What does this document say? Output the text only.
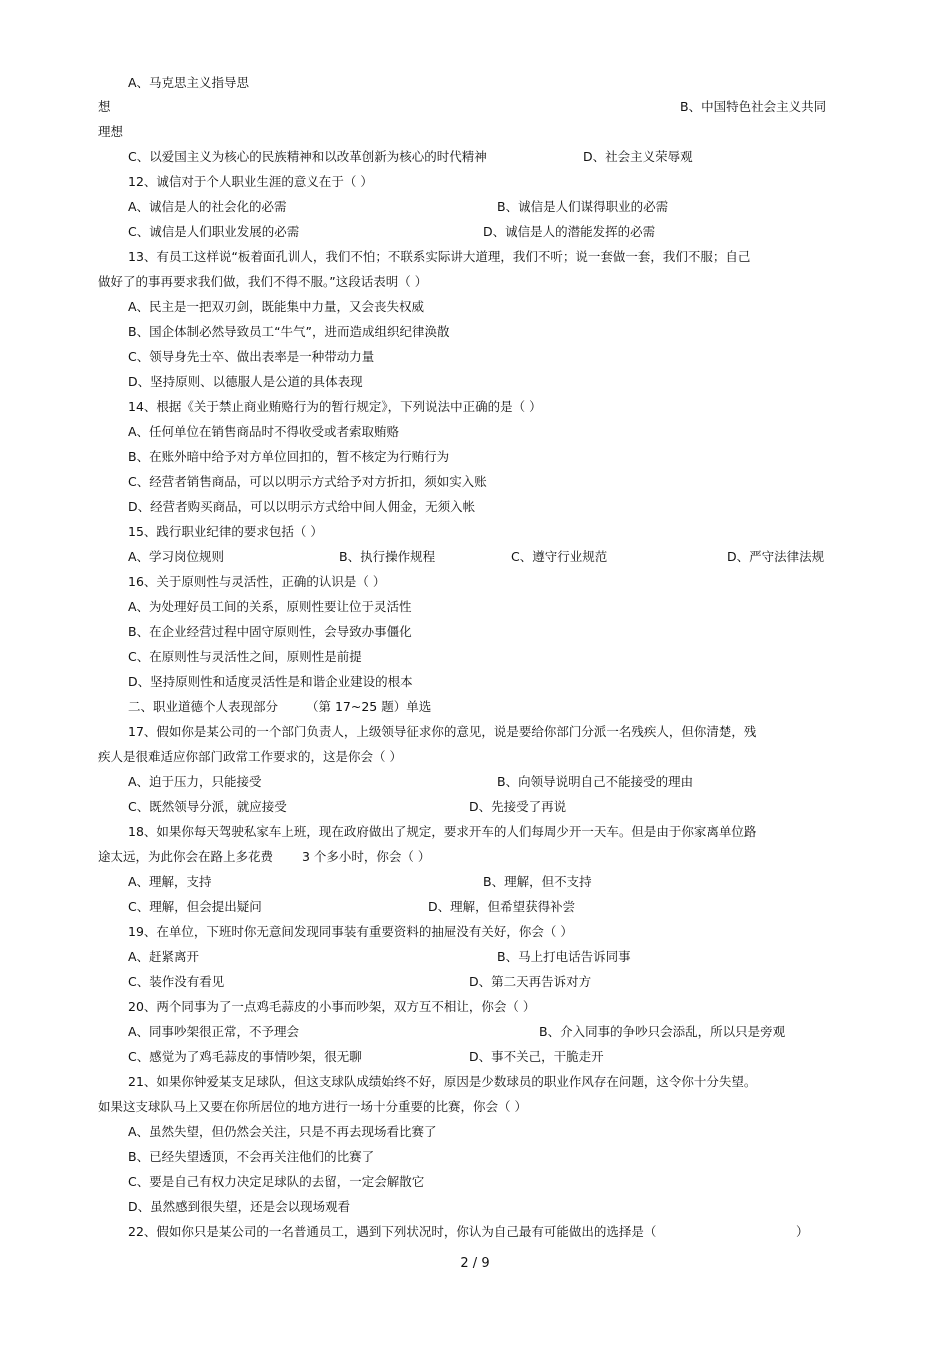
A、马克思主义指导思
想	B、中国特色社会主义共同
理想
C、以爱国主义为核心的民族精神和以改革创新为核心的时代精神	D、社会主义荣辱观
12、诚信对于个人职业生涯的意义在于（ ）
A、诚信是人的社会化的必需	B、诚信是人们谋得职业的必需
C、诚信是人们职业发展的必需	D、诚信是人的潜能发挥的必需
13、有员工这样说“板着面孔训人，我们不怕；不联系实际讲大道理，我们不听；说一套做一套，我们不服；自己
做好了的事再要求我们做，我们不得不服。”这段话表明（ ）
A、民主是一把双刃剑，既能集中力量，又会丧失权威
B、国企体制必然导致员工“牛气”，进而造成组织纪律涣散
C、领导身先士卒、做出表率是一种带动力量
D、坚持原则、以德服人是公道的具体表现
14、根据《关于禁止商业贿赂行为的暂行规定》，下列说法中正确的是（ ）
A、任何单位在销售商品时不得收受或者索取贿赂
B、在账外暗中给予对方单位回扣的，暂不核定为行贿行为
C、经营者销售商品，可以以明示方式给予对方折扣，须如实入账
D、经营者购买商品，可以以明示方式给中间人佣金，无须入帐
15、践行职业纪律的要求包括（ ）
A、学习岗位规则	B、执行操作规程	C、遵守行业规范	D、严守法律法规
16、关于原则性与灵活性，正确的认识是（ ）
A、为处理好员工间的关系，原则性要让位于灵活性
B、在企业经营过程中固守原则性，会导致办事僵化
C、在原则性与灵活性之间，原则性是前提
D、坚持原则性和适度灵活性是和谐企业建设的根本
二、职业道德个人表现部分 （第 17~25 题）单选
17、假如你是某公司的一个部门负责人，上级领导征求你的意见，说是要给你部门分派一名残疾人，但你清楚，残
疾人是很难适应你部门政常工作要求的，这是你会（ ）
A、迫于压力，只能接受	B、向领导说明自己不能接受的理由
C、既然领导分派，就应接受	D、先接受了再说
18、如果你每天驾驶私家车上班，现在政府做出了规定，要求开车的人们每周少开一天车。但是由于你家离单位路
途太远，为此你会在路上多花费 3 个多小时，你会（ ）
A、理解，支持	B、理解，但不支持
C、理解，但会提出疑问	D、理解，但希望获得补尝
19、在单位，下班时你无意间发现同事装有重要资料的抽屉没有关好，你会（ ）
A、赶紧离开	B、马上打电话告诉同事
C、装作没有看见	D、第二天再告诉对方
20、两个同事为了一点鸡毛蒜皮的小事而吵架，双方互不相让，你会（ ）
A、同事吵架很正常，不予理会	B、介入同事的争吵只会添乱，所以只是旁观
C、感觉为了鸡毛蒜皮的事情吵架，很无聊	D、事不关己，干脆走开
21、如果你钟爱某支足球队，但这支球队成绩始终不好，原因是少数球员的职业作风存在问题，这令你十分失望。
如果这支球队马上又要在你所居位的地方进行一场十分重要的比赛，你会（ ）
A、虽然失望，但仍然会关注，只是不再去现场看比赛了
B、已经失望透顶，不会再关注他们的比赛了
C、要是自己有权力决定足球队的去留，一定会解散它
D、虽然感到很失望，还是会以现场观看
22、假如你只是某公司的一名普通员工，遇到下列状况时，你认为自己最有可能做出的选择是（	）
2 / 9
